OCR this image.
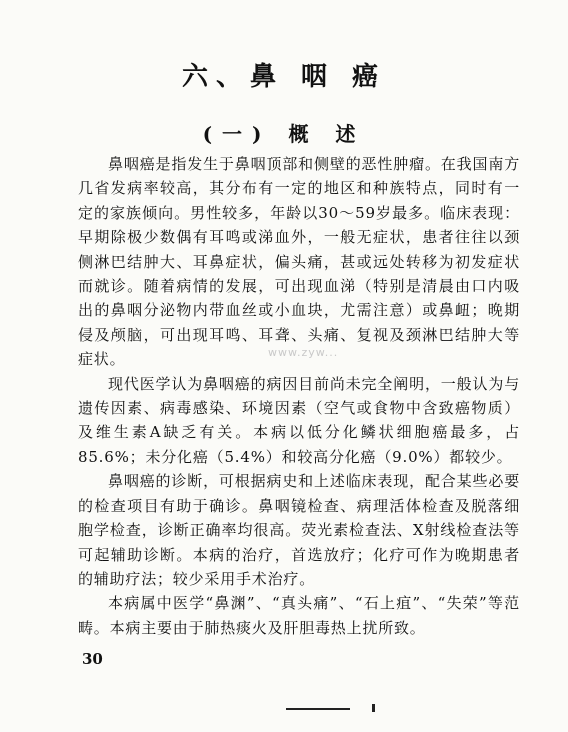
六、鼻 咽 癌
(一) 概 述

鼻咽癌是指发生于鼻咽顶部和侧壁的恶性肿瘤。在我国南方几省发病率较高，其分布有一定的地区和种族特点，同时有一定的家族倾向。男性较多，年龄以30～59岁最多。临床表现：早期除极少数偶有耳鸣或涕血外，一般无症状，患者往往以颈侧淋巴结肿大、耳鼻症状，偏头痛，甚或远处转移为初发症状而就诊。随着病情的发展，可出现血涕（特别是清晨由口内吸出的鼻咽分泌物内带血丝或小血块，尤需注意）或鼻衄；晚期侵及颅脑，可出现耳鸣、耳聋、头痛、复视及颈淋巴结肿大等症状。

现代医学认为鼻咽癌的病因目前尚未完全阐明，一般认为与遗传因素、病毒感染、环境因素（空气或食物中含致癌物质）及维生素A缺乏有关。本病以低分化鳞状细胞癌最多，占85.6%；未分化癌（5.4%）和较高分化癌（9.0%）都较少。

鼻咽癌的诊断，可根据病史和上述临床表现，配合某些必要的检查项目有助于确诊。鼻咽镜检查、病理活体检查及脱落细胞学检查，诊断正确率均很高。荧光素检查法、X射线检查法等可起辅助诊断。本病的治疗，首选放疗；化疗可作为晚期患者的辅助疗法；较少采用手术治疗。

本病属中医学“鼻渊”、“真头痛”、“石上疽”、“失荣”等范畴。本病主要由于肺热痰火及肝胆毒热上扰所致。

www.zyw...
30
